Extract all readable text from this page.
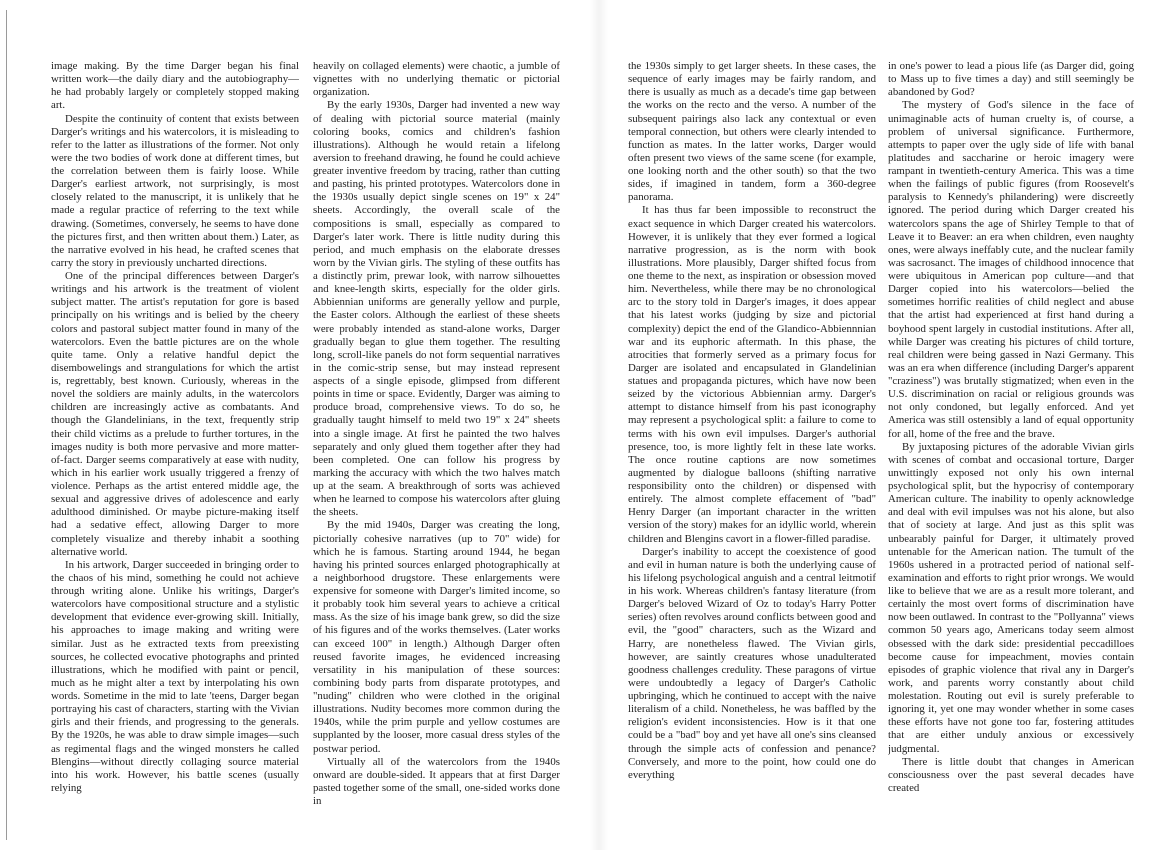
image making. By the time Darger began his final written work—the daily diary and the autobiography—he had probably largely or completely stopped making art.

Despite the continuity of content that exists between Darger's writings and his watercolors, it is misleading to refer to the latter as illustrations of the former. Not only were the two bodies of work done at different times, but the correlation between them is fairly loose. While Darger's earliest artwork, not surprisingly, is most closely related to the manuscript, it is unlikely that he made a regular practice of referring to the text while drawing. (Sometimes, conversely, he seems to have done the pictures first, and then written about them.) Later, as the narrative evolved in his head, he crafted scenes that carry the story in previously uncharted directions.

One of the principal differences between Darger's writings and his artwork is the treatment of violent subject matter. The artist's reputation for gore is based principally on his writings and is belied by the cheery colors and pastoral subject matter found in many of the watercolors. Even the battle pictures are on the whole quite tame. Only a relative handful depict the disembowelings and strangulations for which the artist is, regrettably, best known. Curiously, whereas in the novel the soldiers are mainly adults, in the watercolors children are increasingly active as combatants. And though the Glandelinians, in the text, frequently strip their child victims as a prelude to further tortures, in the images nudity is both more pervasive and more matter-of-fact. Darger seems comparatively at ease with nudity, which in his earlier work usually triggered a frenzy of violence. Perhaps as the artist entered middle age, the sexual and aggressive drives of adolescence and early adulthood diminished. Or maybe picture-making itself had a sedative effect, allowing Darger to more completely visualize and thereby inhabit a soothing alternative world.

In his artwork, Darger succeeded in bringing order to the chaos of his mind, something he could not achieve through writing alone. Unlike his writings, Darger's watercolors have compositional structure and a stylistic development that evidence ever-growing skill. Initially, his approaches to image making and writing were similar. Just as he extracted texts from preexisting sources, he collected evocative photographs and printed illustrations, which he modified with paint or pencil, much as he might alter a text by interpolating his own words. Sometime in the mid to late 'teens, Darger began portraying his cast of characters, starting with the Vivian girls and their friends, and progressing to the generals. By the 1920s, he was able to draw simple images—such as regimental flags and the winged monsters he called Blengins—without directly collaging source material into his work. However, his battle scenes (usually relying

heavily on collaged elements) were chaotic, a jumble of vignettes with no underlying thematic or pictorial organization.

By the early 1930s, Darger had invented a new way of dealing with pictorial source material (mainly coloring books, comics and children's fashion illustrations). Although he would retain a lifelong aversion to freehand drawing, he found he could achieve greater inventive freedom by tracing, rather than cutting and pasting, his printed prototypes. Watercolors done in the 1930s usually depict single scenes on 19" x 24" sheets. Accordingly, the overall scale of the compositions is small, especially as compared to Darger's later work. There is little nudity during this period, and much emphasis on the elaborate dresses worn by the Vivian girls. The styling of these outfits has a distinctly prim, prewar look, with narrow silhouettes and knee-length skirts, especially for the older girls. Abbiennian uniforms are generally yellow and purple, the Easter colors. Although the earliest of these sheets were probably intended as stand-alone works, Darger gradually began to glue them together. The resulting long, scroll-like panels do not form sequential narratives in the comic-strip sense, but may instead represent aspects of a single episode, glimpsed from different points in time or space. Evidently, Darger was aiming to produce broad, comprehensive views. To do so, he gradually taught himself to meld two 19" x 24" sheets into a single image. At first he painted the two halves separately and only glued them together after they had been completed. One can follow his progress by marking the accuracy with which the two halves match up at the seam. A breakthrough of sorts was achieved when he learned to compose his watercolors after gluing the sheets.

By the mid 1940s, Darger was creating the long, pictorially cohesive narratives (up to 70" wide) for which he is famous. Starting around 1944, he began having his printed sources enlarged photographically at a neighborhood drugstore. These enlargements were expensive for someone with Darger's limited income, so it probably took him several years to achieve a critical mass. As the size of his image bank grew, so did the size of his figures and of the works themselves. (Later works can exceed 100" in length.) Although Darger often reused favorite images, he evidenced increasing versatility in his manipulation of these sources: combining body parts from disparate prototypes, and "nuding" children who were clothed in the original illustrations. Nudity becomes more common during the 1940s, while the prim purple and yellow costumes are supplanted by the looser, more casual dress styles of the postwar period.

Virtually all of the watercolors from the 1940s onward are double-sided. It appears that at first Darger pasted together some of the small, one-sided works done in

the 1930s simply to get larger sheets. In these cases, the sequence of early images may be fairly random, and there is usually as much as a decade's time gap between the works on the recto and the verso. A number of the subsequent pairings also lack any contextual or even temporal connection, but others were clearly intended to function as mates. In the latter works, Darger would often present two views of the same scene (for example, one looking north and the other south) so that the two sides, if imagined in tandem, form a 360-degree panorama.

It has thus far been impossible to reconstruct the exact sequence in which Darger created his watercolors. However, it is unlikely that they ever formed a logical narrative progression, as is the norm with book illustrations. More plausibly, Darger shifted focus from one theme to the next, as inspiration or obsession moved him. Nevertheless, while there may be no chronological arc to the story told in Darger's images, it does appear that his latest works (judging by size and pictorial complexity) depict the end of the Glandico-Abbiennnian war and its euphoric aftermath. In this phase, the atrocities that formerly served as a primary focus for Darger are isolated and encapsulated in Glandelinian statues and propaganda pictures, which have now been seized by the victorious Abbiennian army. Darger's attempt to distance himself from his past iconography may represent a psychological split: a failure to come to terms with his own evil impulses. Darger's authorial presence, too, is more lightly felt in these late works. The once routine captions are now sometimes augmented by dialogue balloons (shifting narrative responsibility onto the children) or dispensed with entirely. The almost complete effacement of "bad" Henry Darger (an important character in the written version of the story) makes for an idyllic world, wherein children and Blengins cavort in a flower-filled paradise.

Darger's inability to accept the coexistence of good and evil in human nature is both the underlying cause of his lifelong psychological anguish and a central leitmotif in his work. Whereas children's fantasy literature (from Darger's beloved Wizard of Oz to today's Harry Potter series) often revolves around conflicts between good and evil, the "good" characters, such as the Wizard and Harry, are nonetheless flawed. The Vivian girls, however, are saintly creatures whose unadulterated goodness challenges credulity. These paragons of virtue were undoubtedly a legacy of Darger's Catholic upbringing, which he continued to accept with the naive literalism of a child. Nonetheless, he was baffled by the religion's evident inconsistencies. How is it that one could be a "bad" boy and yet have all one's sins cleansed through the simple acts of confession and penance? Conversely, and more to the point, how could one do everything

in one's power to lead a pious life (as Darger did, going to Mass up to five times a day) and still seemingly be abandoned by God?

The mystery of God's silence in the face of unimaginable acts of human cruelty is, of course, a problem of universal significance. Furthermore, attempts to paper over the ugly side of life with banal platitudes and saccharine or heroic imagery were rampant in twentieth-century America. This was a time when the failings of public figures (from Roosevelt's paralysis to Kennedy's philandering) were discreetly ignored. The period during which Darger created his watercolors spans the age of Shirley Temple to that of Leave it to Beaver: an era when children, even naughty ones, were always ineffably cute, and the nuclear family was sacrosanct. The images of childhood innocence that were ubiquitous in American pop culture—and that Darger copied into his watercolors—belied the sometimes horrific realities of child neglect and abuse that the artist had experienced at first hand during a boyhood spent largely in custodial institutions. After all, while Darger was creating his pictures of child torture, real children were being gassed in Nazi Germany. This was an era when difference (including Darger's apparent "craziness") was brutally stigmatized; when even in the U.S. discrimination on racial or religious grounds was not only condoned, but legally enforced. And yet America was still ostensibly a land of equal opportunity for all, home of the free and the brave.

By juxtaposing pictures of the adorable Vivian girls with scenes of combat and occasional torture, Darger unwittingly exposed not only his own internal psychological split, but the hypocrisy of contemporary American culture. The inability to openly acknowledge and deal with evil impulses was not his alone, but also that of society at large. And just as this split was unbearably painful for Darger, it ultimately proved untenable for the American nation. The tumult of the 1960s ushered in a protracted period of national self-examination and efforts to right prior wrongs. We would like to believe that we are as a result more tolerant, and certainly the most overt forms of discrimination have now been outlawed. In contrast to the "Pollyanna" views common 50 years ago, Americans today seem almost obsessed with the dark side: presidential peccadilloes become cause for impeachment, movies contain episodes of graphic violence that rival any in Darger's work, and parents worry constantly about child molestation. Routing out evil is surely preferable to ignoring it, yet one may wonder whether in some cases these efforts have not gone too far, fostering attitudes that are either unduly anxious or excessively judgmental.

There is little doubt that changes in American consciousness over the past several decades have created
